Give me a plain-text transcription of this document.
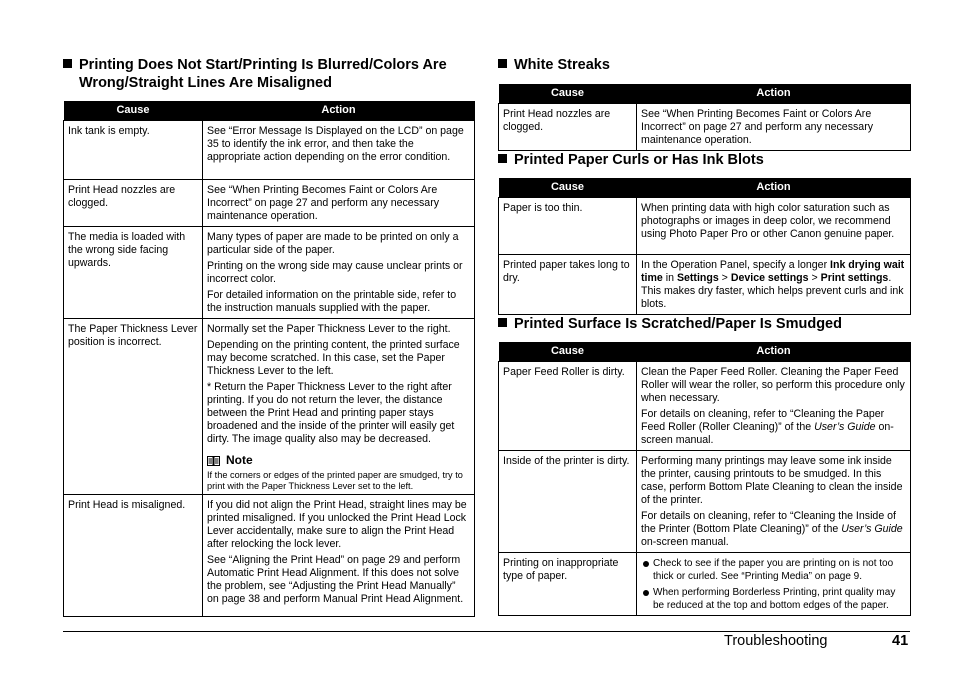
Printing Does Not Start/Printing Is Blurred/Colors Are
Wrong/Straight Lines Are Misaligned
Cause	Action
Ink tank is empty.	See “Error Message Is Displayed on the LCD” on page 35 to identify the ink error, and then take the appropriate action depending on the error condition.

Print Head nozzles are clogged.	See “When Printing Becomes Faint or Colors Are Incorrect” on page 27 and perform any necessary maintenance operation.

The media is loaded with the wrong side facing upwards.	Many types of paper are made to be printed on only a particular side of the paper.

Printing on the wrong side may cause unclear prints or incorrect color.

For detailed information on the printable side, refer to the instruction manuals supplied with the paper.

The Paper Thickness Lever position is incorrect.	Normally set the Paper Thickness Lever to the right.

Depending on the printing content, the printed surface may become scratched. In this case, set the Paper Thickness Lever to the left.

* Return the Paper Thickness Lever to the right after printing. If you do not return the lever, the distance between the Print Head and printing paper stays broadened and the inside of the printer will easily get dirty. The image quality also may be decreased.

Note

If the corners or edges of the printed paper are smudged, try to print with the Paper Thickness Lever set to the left.

Print Head is misaligned.	If you did not align the Print Head, straight lines may be printed misaligned. If you unlocked the Print Head Lock Lever accidentally, make sure to align the Print Head after relocking the lock lever.

See “Aligning the Print Head” on page 29 and perform Automatic Print Head Alignment. If this does not solve the problem, see “Adjusting the Print Head Manually” on page 38 and perform Manual Print Head Alignment.

White Streaks
Cause	Action
Print Head nozzles are clogged.	See “When Printing Becomes Faint or Colors Are Incorrect” on page 27 and perform any necessary maintenance operation.

Printed Paper Curls or Has Ink Blots
Cause	Action
Paper is too thin.	When printing data with high color saturation such as photographs or images in deep color, we recommend using Photo Paper Pro or other Canon genuine paper.

Printed paper takes long to dry.	In the Operation Panel, specify a longer Ink drying wait time in Settings > Device settings > Print settings. This makes dry faster, which helps prevent curls and ink blots.

Printed Surface Is Scratched/Paper Is Smudged
Cause	Action
Paper Feed Roller is dirty.	Clean the Paper Feed Roller. Cleaning the Paper Feed Roller will wear the roller, so perform this procedure only when necessary.

For details on cleaning, refer to “Cleaning the Paper Feed Roller (Roller Cleaning)” of the User’s Guide on-screen manual.

Inside of the printer is dirty.	Performing many printings may leave some ink inside the printer, causing printouts to be smudged. In this case, perform Bottom Plate Cleaning to clean the inside of the printer.

For details on cleaning, refer to “Cleaning the Inside of the Printer (Bottom Plate Cleaning)” of the User’s Guide on-screen manual.

Printing on inappropriate type of paper.	Check to see if the paper you are printing on is not too thick or curled. See “Printing Media” on page 9.

When performing Borderless Printing, print quality may be reduced at the top and bottom edges of the paper.

Troubleshooting	41
